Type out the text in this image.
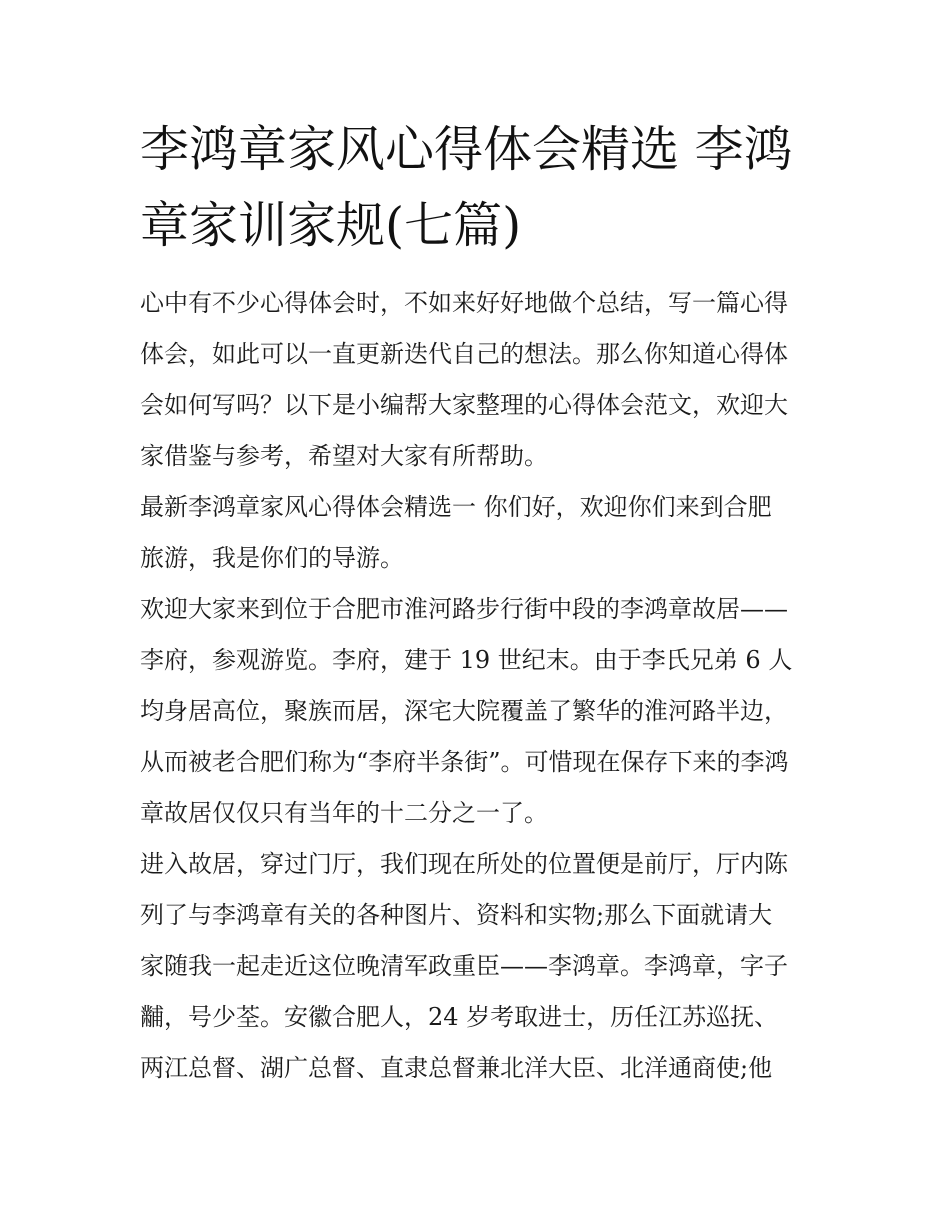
李鸿章家风心得体会精选 李鸿
章家训家规(七篇)
心中有不少心得体会时，不如来好好地做个总结，写一篇心得
体会，如此可以一直更新迭代自己的想法。那么你知道心得体
会如何写吗？以下是小编帮大家整理的心得体会范文，欢迎大
家借鉴与参考，希望对大家有所帮助。
最新李鸿章家风心得体会精选一 你们好，欢迎你们来到合肥
旅游，我是你们的导游。
欢迎大家来到位于合肥市淮河路步行街中段的李鸿章故居——
李府，参观游览。李府，建于 19 世纪末。由于李氏兄弟 6 人
均身居高位，聚族而居，深宅大院覆盖了繁华的淮河路半边，
从而被老合肥们称为“李府半条街”。可惜现在保存下来的李鸿
章故居仅仅只有当年的十二分之一了。
进入故居，穿过门厅，我们现在所处的位置便是前厅，厅内陈
列了与李鸿章有关的各种图片、资料和实物;那么下面就请大
家随我一起走近这位晚清军政重臣——李鸿章。李鸿章，字子
黼，号少荃。安徽合肥人，24 岁考取进士，历任江苏巡抚、
两江总督、湖广总督、直隶总督兼北洋大臣、北洋通商使;他
